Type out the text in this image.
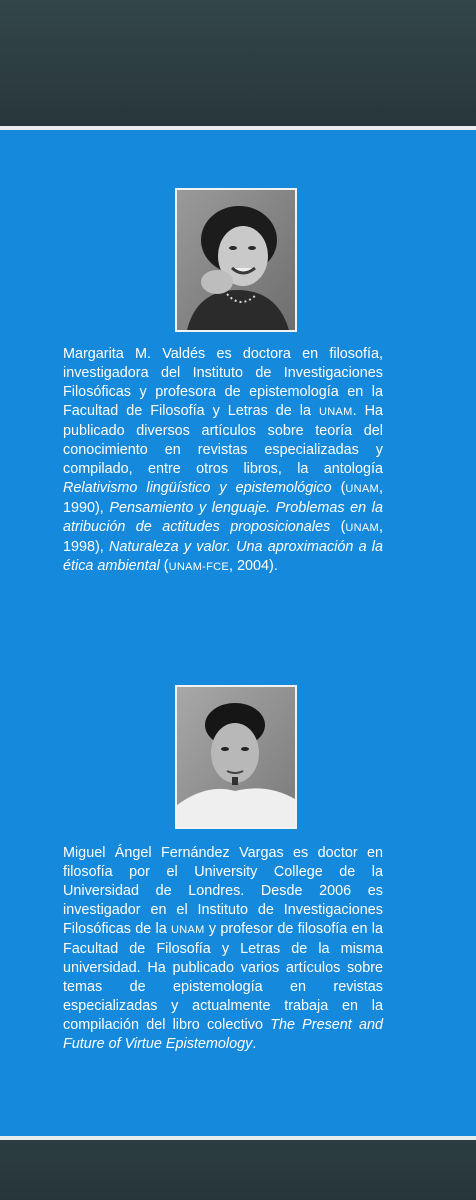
Margarita M. Valdés es doctora en filosofía, investigadora del Instituto de Investigaciones Filosóficas y profesora de epistemología en la Facultad de Filosofía y Letras de la UNAM. Ha publicado diversos artículos sobre teoría del conocimiento en revistas especializadas y compilado, entre otros libros, la antología Relativismo lingüístico y epistemológico (UNAM, 1990), Pensamiento y lenguaje. Problemas en la atribución de actitudes proposicionales (UNAM, 1998), Naturaleza y valor. Una aproximación a la ética ambiental (UNAM-FCE, 2004).

Miguel Ángel Fernández Vargas es doctor en filosofía por el University College de la Universidad de Londres. Desde 2006 es investigador en el Instituto de Investigaciones Filosóficas de la UNAM y profesor de filosofía en la Facultad de Filosofía y Letras de la misma universidad. Ha publicado varios artículos sobre temas de epistemología en revistas especializadas y actualmente trabaja en la compilación del libro colectivo The Present and Future of Virtue Epistemology.
